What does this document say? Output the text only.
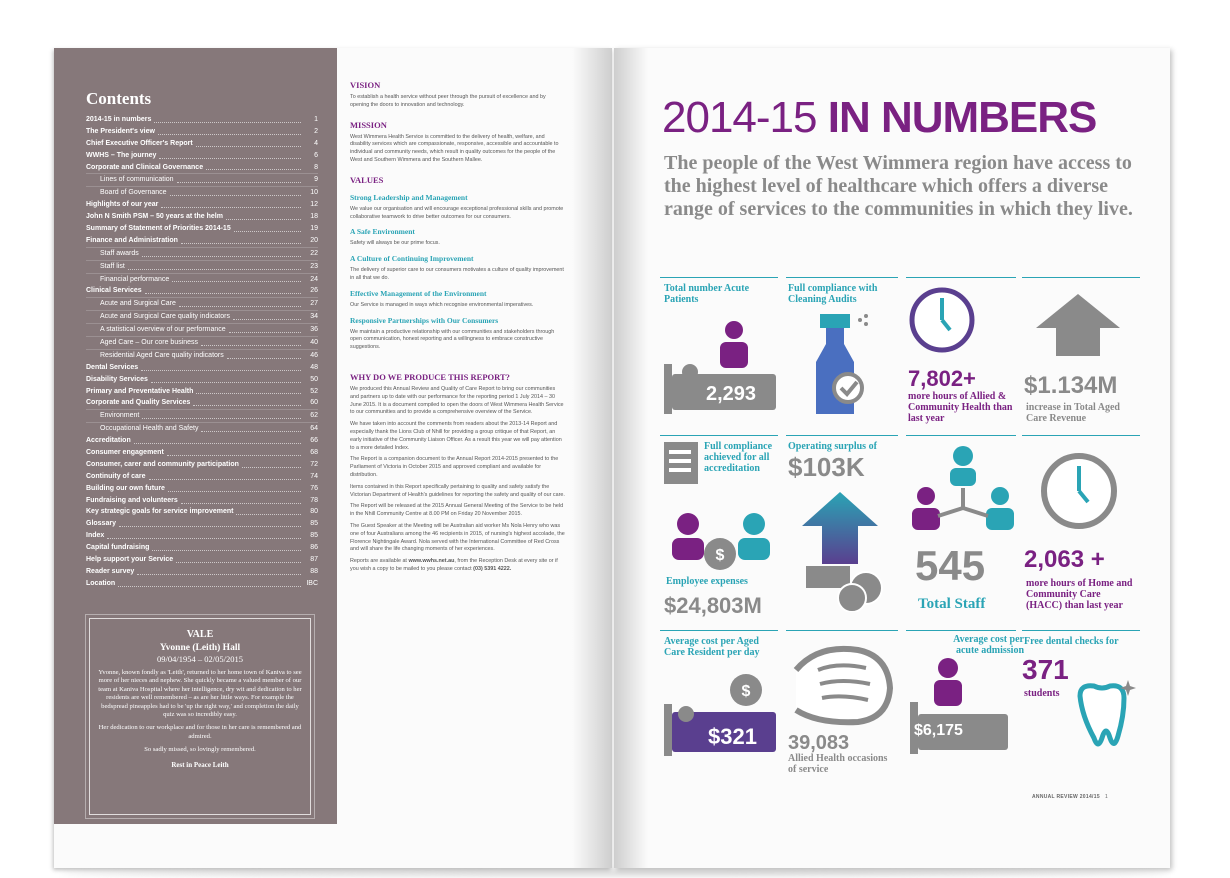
Contents
2014-15 in numbers	1
The President's view	2
Chief Executive Officer's Report	4
WWHS – The journey	6
Corporate and Clinical Governance	8
Lines of communication	9
Board of Governance	10
Highlights of our year	12
John N Smith PSM – 50 years at the helm	18
Summary of Statement of Priorities 2014-15	19
Finance and Administration	20
Staff awards	22
Staff list	23
Financial performance	24
Clinical Services	26
Acute and Surgical Care	27
Acute and Surgical Care quality indicators	34
A statistical overview of our performance	36
Aged Care – Our core business	40
Residential Aged Care quality indicators	46
Dental Services	48
Disability Services	50
Primary and Preventative Health	52
Corporate and Quality Services	60
Environment	62
Occupational Health and Safety	64
Accreditation	66
Consumer engagement	68
Consumer, carer and community participation	72
Continuity of care	74
Building our own future	76
Fundraising and volunteers	78
Key strategic goals for service improvement	80
Glossary	85
Index	85
Capital fundraising	86
Help support your Service	87
Reader survey	88
Location	IBC
VALE
Yvonne (Leith) Hall
09/04/1954 – 02/05/2015
Yvonne, known fondly as 'Leith', returned to her home town of Kaniva to see more of her nieces and nephew. She quickly became a valued member of our team at Kaniva Hospital where her intelligence, dry wit and dedication to her residents are well remembered – as are her little ways. For example the bedspread pineapples had to be 'up the right way,' and completion the daily quiz was so incredibly easy.
Her dedication to our workplace and for those in her care is remembered and admired.
So sadly missed, so lovingly remembered.
Rest in Peace Leith
VISION
To establish a health service without peer through the pursuit of excellence and by opening the doors to innovation and technology.
MISSION
West Wimmera Health Service is committed to the delivery of health, welfare, and disability services which are compassionate, responsive, accessible and accountable to individual and community needs, which result in quality outcomes for the people of the West and Southern Wimmera and the Southern Mallee.
VALUES
Strong Leadership and Management
We value our organisation and will encourage exceptional professional skills and promote collaborative teamwork to drive better outcomes for our consumers.
A Safe Environment
Safety will always be our prime focus.
A Culture of Continuing Improvement
The delivery of superior care to our consumers motivates a culture of quality improvement in all that we do.
Effective Management of the Environment
Our Service is managed in ways which recognise environmental imperatives.
Responsive Partnerships with Our Consumers
We maintain a productive relationship with our communities and stakeholders through open communication, honest reporting and a willingness to embrace constructive suggestions.
WHY DO WE PRODUCE THIS REPORT?
We produced this Annual Review and Quality of Care Report to bring our communities and partners up to date with our performance for the reporting period 1 July 2014 – 30 June 2015. It is a document compiled to open the doors of West Wimmera Health Service to our communities and to provide a comprehensive overview of the Service.
We have taken into account the comments from readers about the 2013-14 Report and especially thank the Lions Club of Nhill for providing a group critique of that Report, an early initiative of the Community Liaison Officer. As a result this year we will pay attention to a more detailed Index.
The Report is a companion document to the Annual Report 2014-2015 presented to the Parliament of Victoria in October 2015 and approved compliant and available for distribution.
Items contained in this Report specifically pertaining to quality and safety satisfy the Victorian Department of Health's guidelines for reporting the safety and quality of our care.
The Report will be released at the 2015 Annual General Meeting of the Service to be held in the Nhill Community Centre at 8.00 PM on Friday 20 November 2015.
The Guest Speaker at the Meeting will be Australian aid worker Ms Nola Henry who was one of four Australians among the 46 recipients in 2015, of nursing's highest accolade, the Florence Nightingale Award. Nola served with the International Committee of Red Cross and will share the life changing moments of her experiences.
Reports are available at www.wwhs.net.au, from the Reception Desk at every site or if you wish a copy to be mailed to you please contact (03) 5391 4222.
2014-15 IN NUMBERS
The people of the West Wimmera region have access to the highest level of healthcare which offers a diverse range of services to the communities in which they live.
Total number Acute Patients
2,293
Full compliance with Cleaning Audits
7,802+
more hours of Allied & Community Health than last year
$1.134M
increase in Total Aged Care Revenue
Full compliance achieved for all accreditation
Operating surplus of
$103K
545
Total Staff
2,063 +
more hours of Home and Community Care (HACC) than last year
$
Employee expenses
$24,803M
Average cost per Aged Care Resident per day
$
$321 39,083
Allied Health occasions of service
Average cost per acute admission
$6,175
Free dental checks for
371
students
ANNUAL REVIEW 2014/15 1
